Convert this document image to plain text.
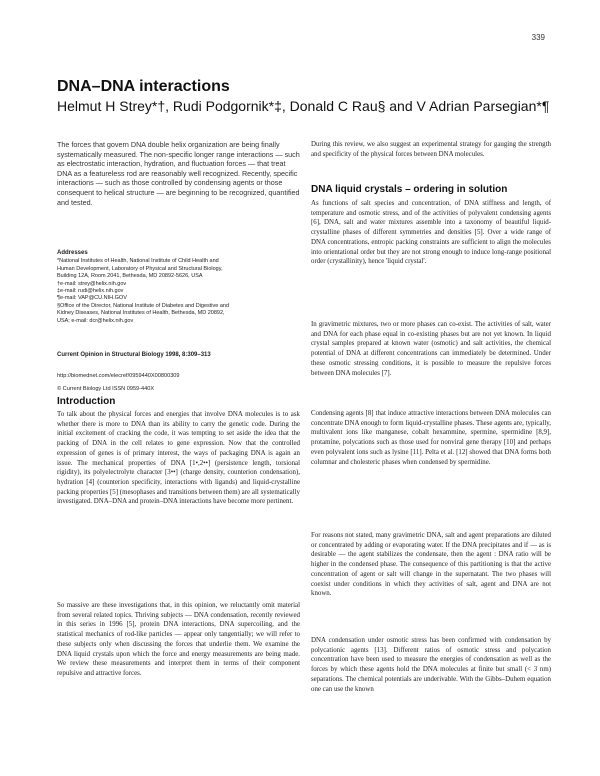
339
DNA–DNA interactions

Helmut H Strey*†, Rudi Podgornik*‡, Donald C Rau§ and V Adrian Parsegian*¶

The forces that govern DNA double helix organization are being finally systematically measured. The non-specific longer range interactions — such as electrostatic interaction, hydration, and fluctuation forces — that treat DNA as a featureless rod are reasonably well recognized. Recently, specific interactions — such as those controlled by condensing agents or those consequent to helical structure — are beginning to be recognized, quantified and tested.

Addresses

*National Institutes of Health, National Institute of Child Health and

Human Development, Laboratory of Physical and Structural Biology,

Building 12A, Room 2041, Bethesda, MD 20892-5626, USA

†e-mail: strey@helix.nih.gov

‡e-mail: rudi@helix.nih.gov

¶e-mail: VAP@CU.NIH.GOV

§Office of the Director, National Institute of Diabetes and Digestive and

Kidney Diseases, National Institutes of Health, Bethesda, MD 20892,

USA; e-mail: dcr@helix.nih.gov

Current Opinion in Structural Biology 1998, 8:309–313

http://biomednet.com/elecref/0959440X00800309

© Current Biology Ltd ISSN 0959-440X

Introduction

To talk about the physical forces and energies that involve DNA molecules is to ask whether there is more to DNA than its ability to carry the genetic code. During the initial excitement of cracking the code, it was tempting to set aside the idea that the packing of DNA in the cell relates to gene expression. Now that the controlled expression of genes is of primary interest, the ways of packaging DNA is again an issue. The mechanical properties of DNA [1•,2••] (persistence length, torsional rigidity), its polyelectrolyte character [3••] (charge density, counterion condensation), hydration [4] (counterion specificity, interactions with ligands) and liquid-crystalline packing properties [5] (mesophases and transitions between them) are all systematically investigated. DNA–DNA and protein–DNA interactions have become more pertinent.

So massive are these investigations that, in this opinion, we reluctantly omit material from several related topics. Thriving subjects — DNA condensation, recently reviewed in this series in 1996 [5], protein DNA interactions, DNA supercoiling, and the statistical mechanics of rod-like particles — appear only tangentially; we will refer to these subjects only when discussing the forces that underlie them. We examine the DNA liquid crystals upon which the force and energy measurements are being made. We review these measurements and interpret them in terms of their component repulsive and attractive forces.

During this review, we also suggest an experimental strategy for gauging the strength and specificity of the physical forces between DNA molecules.

DNA liquid crystals – ordering in solution

As functions of salt species and concentration, of DNA stiffness and length, of temperature and osmotic stress, and of the activities of polyvalent condensing agents [6], DNA, salt and water mixtures assemble into a taxonomy of beautiful liquid-crystalline phases of different symmetries and densities [5]. Over a wide range of DNA concentrations, entropic packing constraints are sufficient to align the molecules into orientational order but they are not strong enough to induce long-range positional order (crystallinity), hence 'liquid crystal'.

In gravimetric mixtures, two or more phases can co-exist. The activities of salt, water and DNA for each phase equal in co-existing phases but are not yet known. In liquid crystal samples prepared at known water (osmotic) and salt activities, the chemical potential of DNA at different concentrations can immediately be determined. Under these osmotic stressing conditions, it is possible to measure the repulsive forces between DNA molecules [7].

Condensing agents [8] that induce attractive interactions between DNA molecules can concentrate DNA enough to form liquid-crystalline phases. These agents are, typically, multivalent ions like manganese, cobalt hexammine, spermine, spermidine [8,9], protamine, polycations such as those used for nonviral gene therapy [10] and perhaps even polyvalent ions such as lysine [11]. Pelta et al. [12] showed that DNA forms both columnar and cholesteric phases when condensed by spermidine.

For reasons not stated, many gravimetric DNA, salt and agent preparations are diluted or concentrated by adding or evaporating water. If the DNA precipitates and if — as is desirable — the agent stabilizes the condensate, then the agent : DNA ratio will be higher in the condensed phase. The consequence of this partitioning is that the active concentration of agent or salt will change in the supernatant. The two phases will coexist under conditions in which they activities of salt, agent and DNA are not known.

DNA condensation under osmotic stress has been confirmed with condensation by polycationic agents [13]. Different ratios of osmotic stress and polycation concentration have been used to measure the energies of condensation as well as the forces by which these agents hold the DNA molecules at finite but small (< 3 nm) separations. The chemical potentials are underivable. With the Gibbs–Duhem equation one can use the known
